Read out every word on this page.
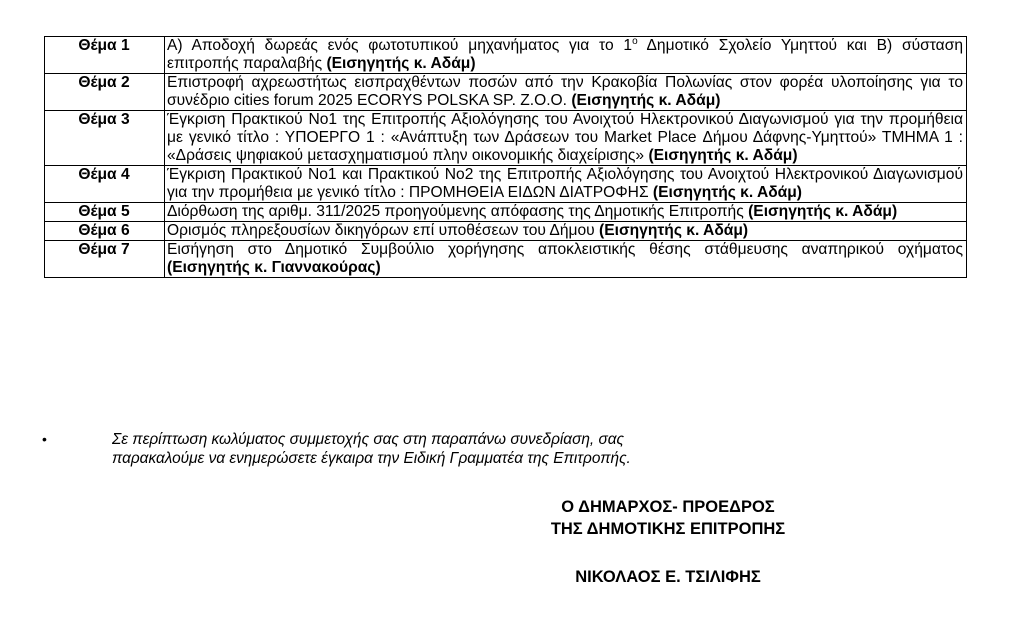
Θέμα 1	Α) Αποδοχή δωρεάς ενός φωτοτυπικού μηχανήματος για το $1^o$ Δημοτικό Σχολείο Υμηττού και Β) σύσταση επιτροπής παραλαβής (Εισηγητής κ. Αδάμ)
Θέμα 2	Επιστροφή αχρεωστήτως εισπραχθέντων ποσών από την Κρακοβία Πολωνίας στον φορέα υλοποίησης για το συνέδριο cities forum 2025 ECORYS POLSKA SP. Z.O.O. (Εισηγητής κ. Αδάμ)
Θέμα 3	Έγκριση Πρακτικού Νο1 της Επιτροπής Αξιολόγησης του Ανοιχτού Ηλεκτρονικού Διαγωνισμού για την προμήθεια με γενικό τίτλο : ΥΠΟΕΡΓΟ 1 : «Ανάπτυξη των Δράσεων του Market Place Δήμου Δάφνης-Υμηττού» ΤΜΗΜΑ 1 : «Δράσεις ψηφιακού μετασχηματισμού πλην οικονομικής διαχείρισης» (Εισηγητής κ. Αδάμ)
Θέμα 4	Έγκριση Πρακτικού Νο1 και Πρακτικού Νο2 της Επιτροπής Αξιολόγησης του Ανοιχτού Ηλεκτρονικού Διαγωνισμού για την προμήθεια με γενικό τίτλο : ΠΡΟΜΗΘΕΙΑ ΕΙΔΩΝ ΔΙΑΤΡΟΦΗΣ (Εισηγητής κ. Αδάμ)
Θέμα 5	Διόρθωση της αριθμ. 311/2025 προηγούμενης απόφασης της Δημοτικής Επιτροπής (Εισηγητής κ. Αδάμ)
Θέμα 6	Ορισμός πληρεξουσίων δικηγόρων επί υποθέσεων του Δήμου (Εισηγητής κ. Αδάμ)
Θέμα 7	Εισήγηση στο Δημοτικό Συμβούλιο χορήγησης αποκλειστικής θέσης στάθμευσης αναπηρικού οχήματος (Εισηγητής κ. Γιαννακούρας)
•	Σε περίπτωση κωλύματος συμμετοχής σας στη παραπάνω συνεδρίαση, σας
παρακαλούμε να ενημερώσετε έγκαιρα την Ειδική Γραμματέα της Επιτροπής.
Ο ΔΗΜΑΡΧΟΣ- ΠΡΟΕΔΡΟΣ
ΤΗΣ ΔΗΜΟΤΙΚΗΣ ΕΠΙΤΡΟΠΗΣ
ΝΙΚΟΛΑΟΣ Ε. ΤΣΙΛΙΦΗΣ
